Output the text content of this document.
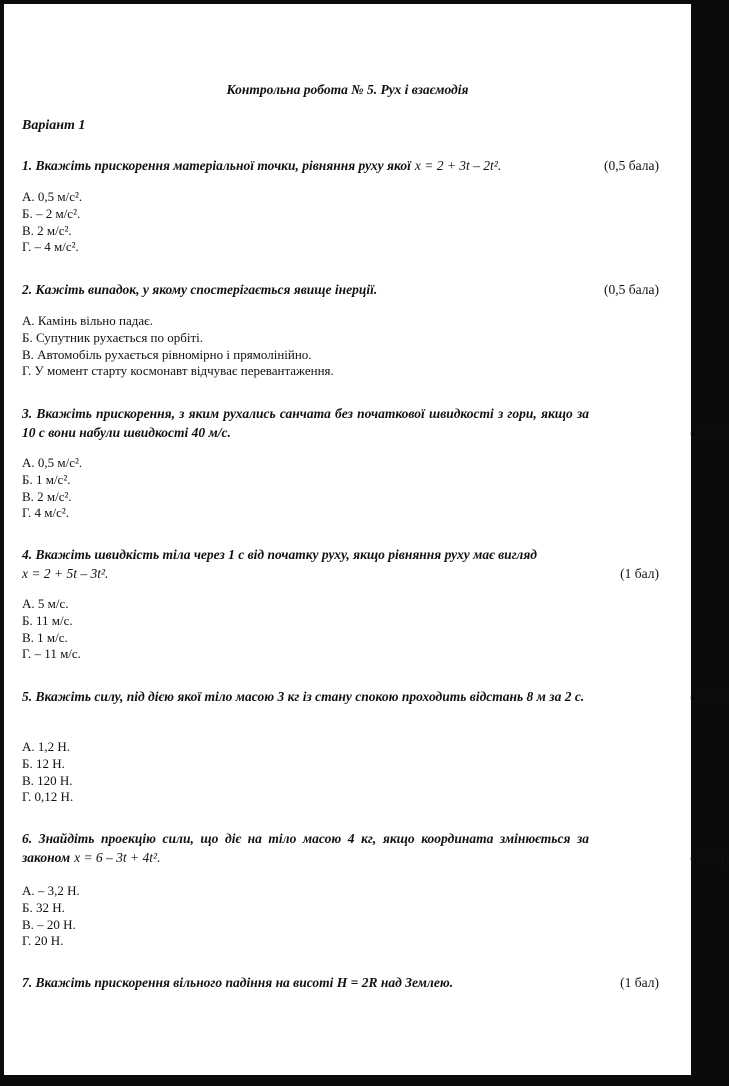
Контрольна робота № 5. Рух і взаємодія
Варіант 1
1. Вкажіть прискорення матеріальної точки, рівняння руху якої x = 2 + 3t – 2t².	(0,5 бала)
А. 0,5 м/с².
Б. – 2 м/с².
В. 2 м/с².
Г. – 4 м/с².
2. Кажіть випадок, у якому спостерігається явище інерції.	(0,5 бала)
А. Камінь вільно падає.
Б. Супутник рухається по орбіті.
В. Автомобіль рухається рівномірно і прямолінійно.
Г. У момент старту космонавт відчуває перевантаження.
3. Вкажіть прискорення, з яким рухались санчата без початкової швидкості з гори, якщо за 10 с вони набули швидкості 40 м/с.	(1 бал)
А. 0,5 м/с².
Б. 1 м/с².
В. 2 м/с².
Г. 4 м/с².
4. Вкажіть швидкість тіла через 1 с від початку руху, якщо рівняння руху має вигляд
x = 2 + 5t – 3t².	(1 бал)
А. 5 м/с.
Б. 11 м/с.
В. 1 м/с.
Г. – 11 м/с.
5. Вкажіть силу, під дією якої тіло масою 3 кг із стану спокою проходить відстань 8 м за 2 с.	(1 бал)
А. 1,2 Н.
Б. 12 Н.
В. 120 Н.
Г. 0,12 Н.
6. Знайдіть проекцію сили, що діє на тіло масою 4 кг, якщо координата змінюється за законом x = 6 – 3t + 4t².	(1 бал)
А. – 3,2 Н.
Б. 32 Н.
В. – 20 Н.
Г. 20 Н.
7. Вкажіть прискорення вільного падіння на висоті H = 2R над Землею.	(1 бал)
